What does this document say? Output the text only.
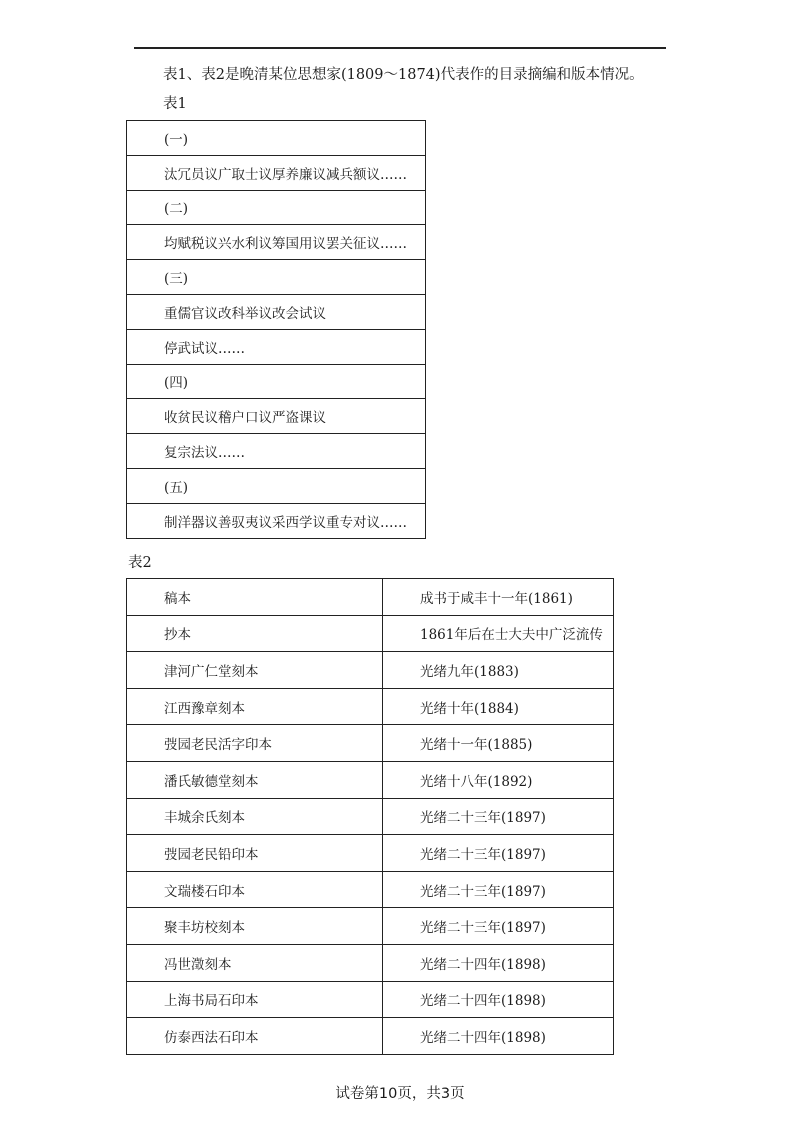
表1、表2是晚清某位思想家(1809～1874)代表作的目录摘编和版本情况。
表1
(一)
汰冗员议广取士议厚养廉议减兵额议……
(二)
均赋税议兴水利议筹国用议罢关征议……
(三)
重儒官议改科举议改会试议
停武试议……
(四)
收贫民议稽户口议严盗课议
复宗法议……
(五)
制洋器议善驭夷议采西学议重专对议……
表2
稿本	成书于咸丰十一年(1861)
抄本	1861年后在士大夫中广泛流传
津河广仁堂刻本	光绪九年(1883)
江西豫章刻本	光绪十年(1884)
弢园老民活字印本	光绪十一年(1885)
潘氏敏德堂刻本	光绪十八年(1892)
丰城余氏刻本	光绪二十三年(1897)
弢园老民铅印本	光绪二十三年(1897)
文瑞楼石印本	光绪二十三年(1897)
聚丰坊校刻本	光绪二十三年(1897)
冯世澂刻本	光绪二十四年(1898)
上海书局石印本	光绪二十四年(1898)
仿泰西法石印本	光绪二十四年(1898)
试卷第10页，共3页
